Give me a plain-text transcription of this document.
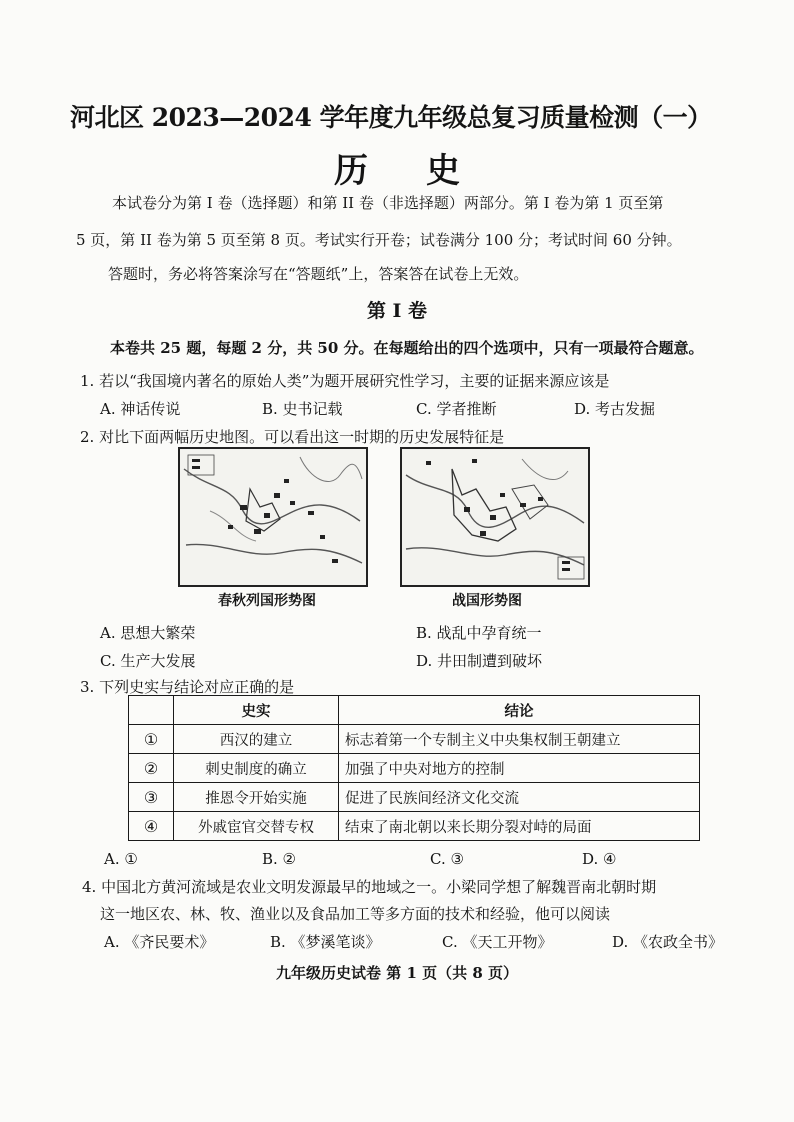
河北区 2023—2024 学年度九年级总复习质量检测（一）
历史

本试卷分为第 I 卷（选择题）和第 II 卷（非选择题）两部分。第 I 卷为第 1 页至第

5 页，第 II 卷为第 5 页至第 8 页。考试实行开卷；试卷满分 100 分；考试时间 60 分钟。

答题时，务必将答案涂写在“答题纸”上，答案答在试卷上无效。

第 I 卷
本卷共 25 题，每题 2 分，共 50 分。在每题给出的四个选项中，只有一项最符合题意。

1. 若以“我国境内著名的原始人类”为题开展研究性学习，主要的证据来源应该是

A. 神话传说	B. 史书记载	C. 学者推断	D. 考古发掘

2. 对比下面两幅历史地图。可以看出这一时期的历史发展特征是

春秋列国形势图	战国形势图
A. 思想大繁荣	B. 战乱中孕育统一
C. 生产大发展	D. 井田制遭到破坏

3. 下列史实与结论对应正确的是

	史实	结论
①	西汉的建立	标志着第一个专制主义中央集权制王朝建立
②	刺史制度的确立	加强了中央对地方的控制
③	推恩令开始实施	促进了民族间经济文化交流
④	外戚宦官交替专权	结束了南北朝以来长期分裂对峙的局面
A. ①	B. ②	C. ③	D. ④

4. 中国北方黄河流域是农业文明发源最早的地域之一。小梁同学想了解魏晋南北朝时期

这一地区农、林、牧、渔业以及食品加工等多方面的技术和经验，他可以阅读

A. 《齐民要术》	B. 《梦溪笔谈》	C. 《天工开物》	D. 《农政全书》
九年级历史试卷 第 1 页（共 8 页）
